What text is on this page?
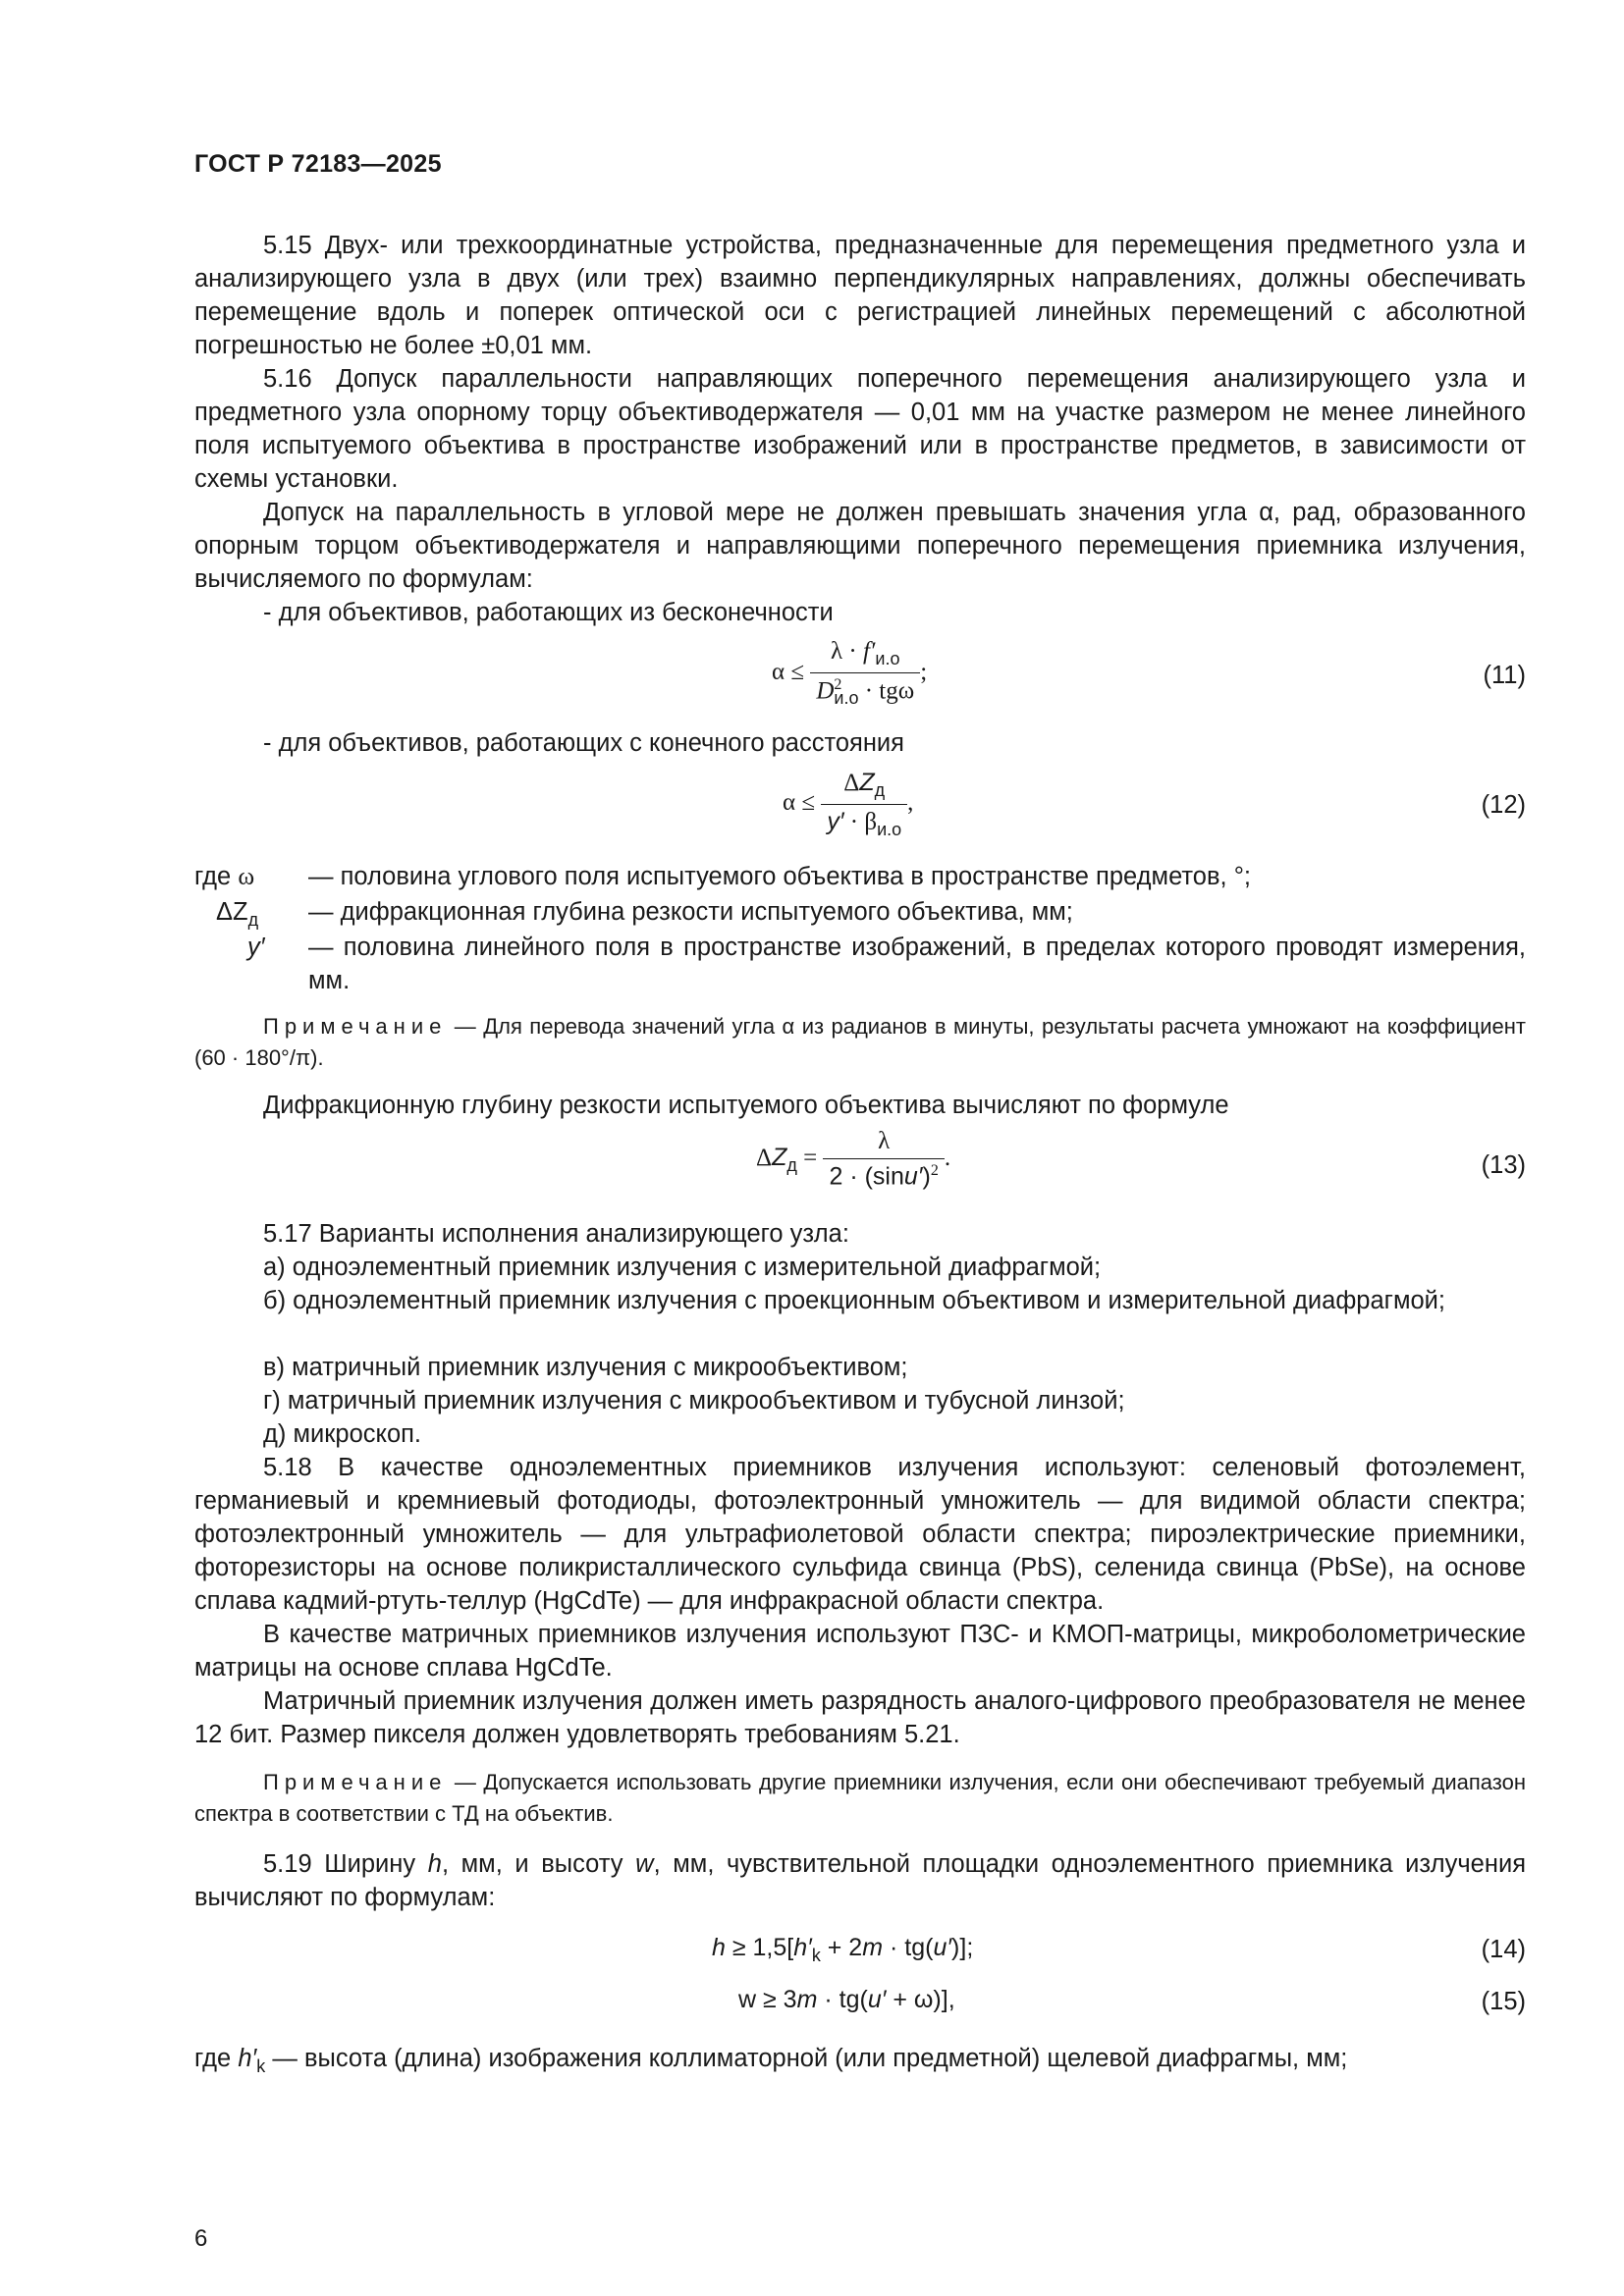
ГОСТ Р 72183—2025
5.15 Двух- или трехкоординатные устройства, предназначенные для перемещения предметного узла и анализирующего узла в двух (или трех) взаимно перпендикулярных направлениях, должны обеспечивать перемещение вдоль и поперек оптической оси с регистрацией линейных перемещений с абсолютной погрешностью не более ±0,01 мм.
5.16 Допуск параллельности направляющих поперечного перемещения анализирующего узла и предметного узла опорному торцу объективодержателя — 0,01 мм на участке размером не менее линейного поля испытуемого объектива в пространстве изображений или в пространстве предметов, в зависимости от схемы установки.
Допуск на параллельность в угловой мере не должен превышать значения угла α, рад, образованного опорным торцом объективодержателя и направляющими поперечного перемещения приемника излучения, вычисляемого по формулам:
- для объективов, работающих из бесконечности
$\alpha \le \frac{\lambda \cdot f'_{и.о}}{D^2_{и.о} \cdot tg\omega}$ ;	(11)
- для объективов, работающих с конечного расстояния
$\alpha \le \frac{\Delta Z_д}{y' \cdot \beta_{и.о}}$ ,	(12)
где ω — половина углового поля испытуемого объектива в пространстве предметов, °;
$\Delta Z_д$ — дифракционная глубина резкости испытуемого объектива, мм;
y′ — половина линейного поля в пространстве изображений, в пределах которого проводят измерения, мм.
Примечание — Для перевода значений угла α из радианов в минуты, результаты расчета умножают на коэффициент (60 · 180°/π).
Дифракционную глубину резкости испытуемого объектива вычисляют по формуле
$\Delta Z_д = \frac{\lambda}{2 \cdot (\sin u')^2}$ .	(13)
5.17 Варианты исполнения анализирующего узла:
а) одноэлементный приемник излучения с измерительной диафрагмой;
б) одноэлементный приемник излучения с проекционным объективом и измерительной диафрагмой;
в) матричный приемник излучения с микрообъективом;
г) матричный приемник излучения с микрообъективом и тубусной линзой;
д) микроскоп.
5.18 В качестве одноэлементных приемников излучения используют: селеновый фотоэлемент, германиевый и кремниевый фотодиоды, фотоэлектронный умножитель — для видимой области спектра; фотоэлектронный умножитель — для ультрафиолетовой области спектра; пироэлектрические приемники, фоторезисторы на основе поликристаллического сульфида свинца (PbS), селенида свинца (PbSe), на основе сплава кадмий-ртуть-теллур (HgCdTe) — для инфракрасной области спектра.
В качестве матричных приемников излучения используют ПЗС- и КМОП-матрицы, микроболометрические матрицы на основе сплава HgCdTe.
Матричный приемник излучения должен иметь разрядность аналого-цифрового преобразователя не менее 12 бит. Размер пикселя должен удовлетворять требованиям 5.21.
Примечание — Допускается использовать другие приемники излучения, если они обеспечивают требуемый диапазон спектра в соответствии с ТД на объектив.
5.19 Ширину h, мм, и высоту w, мм, чувствительной площадки одноэлементного приемника излучения вычисляют по формулам:
$h \ge 1,5[h'_k + 2m \cdot tg(u')]$;	(14)
w ≥ 3m · tg(u′ + ω)],	(15)
где $h'_k$ — высота (длина) изображения коллиматорной (или предметной) щелевой диафрагмы, мм;
6
